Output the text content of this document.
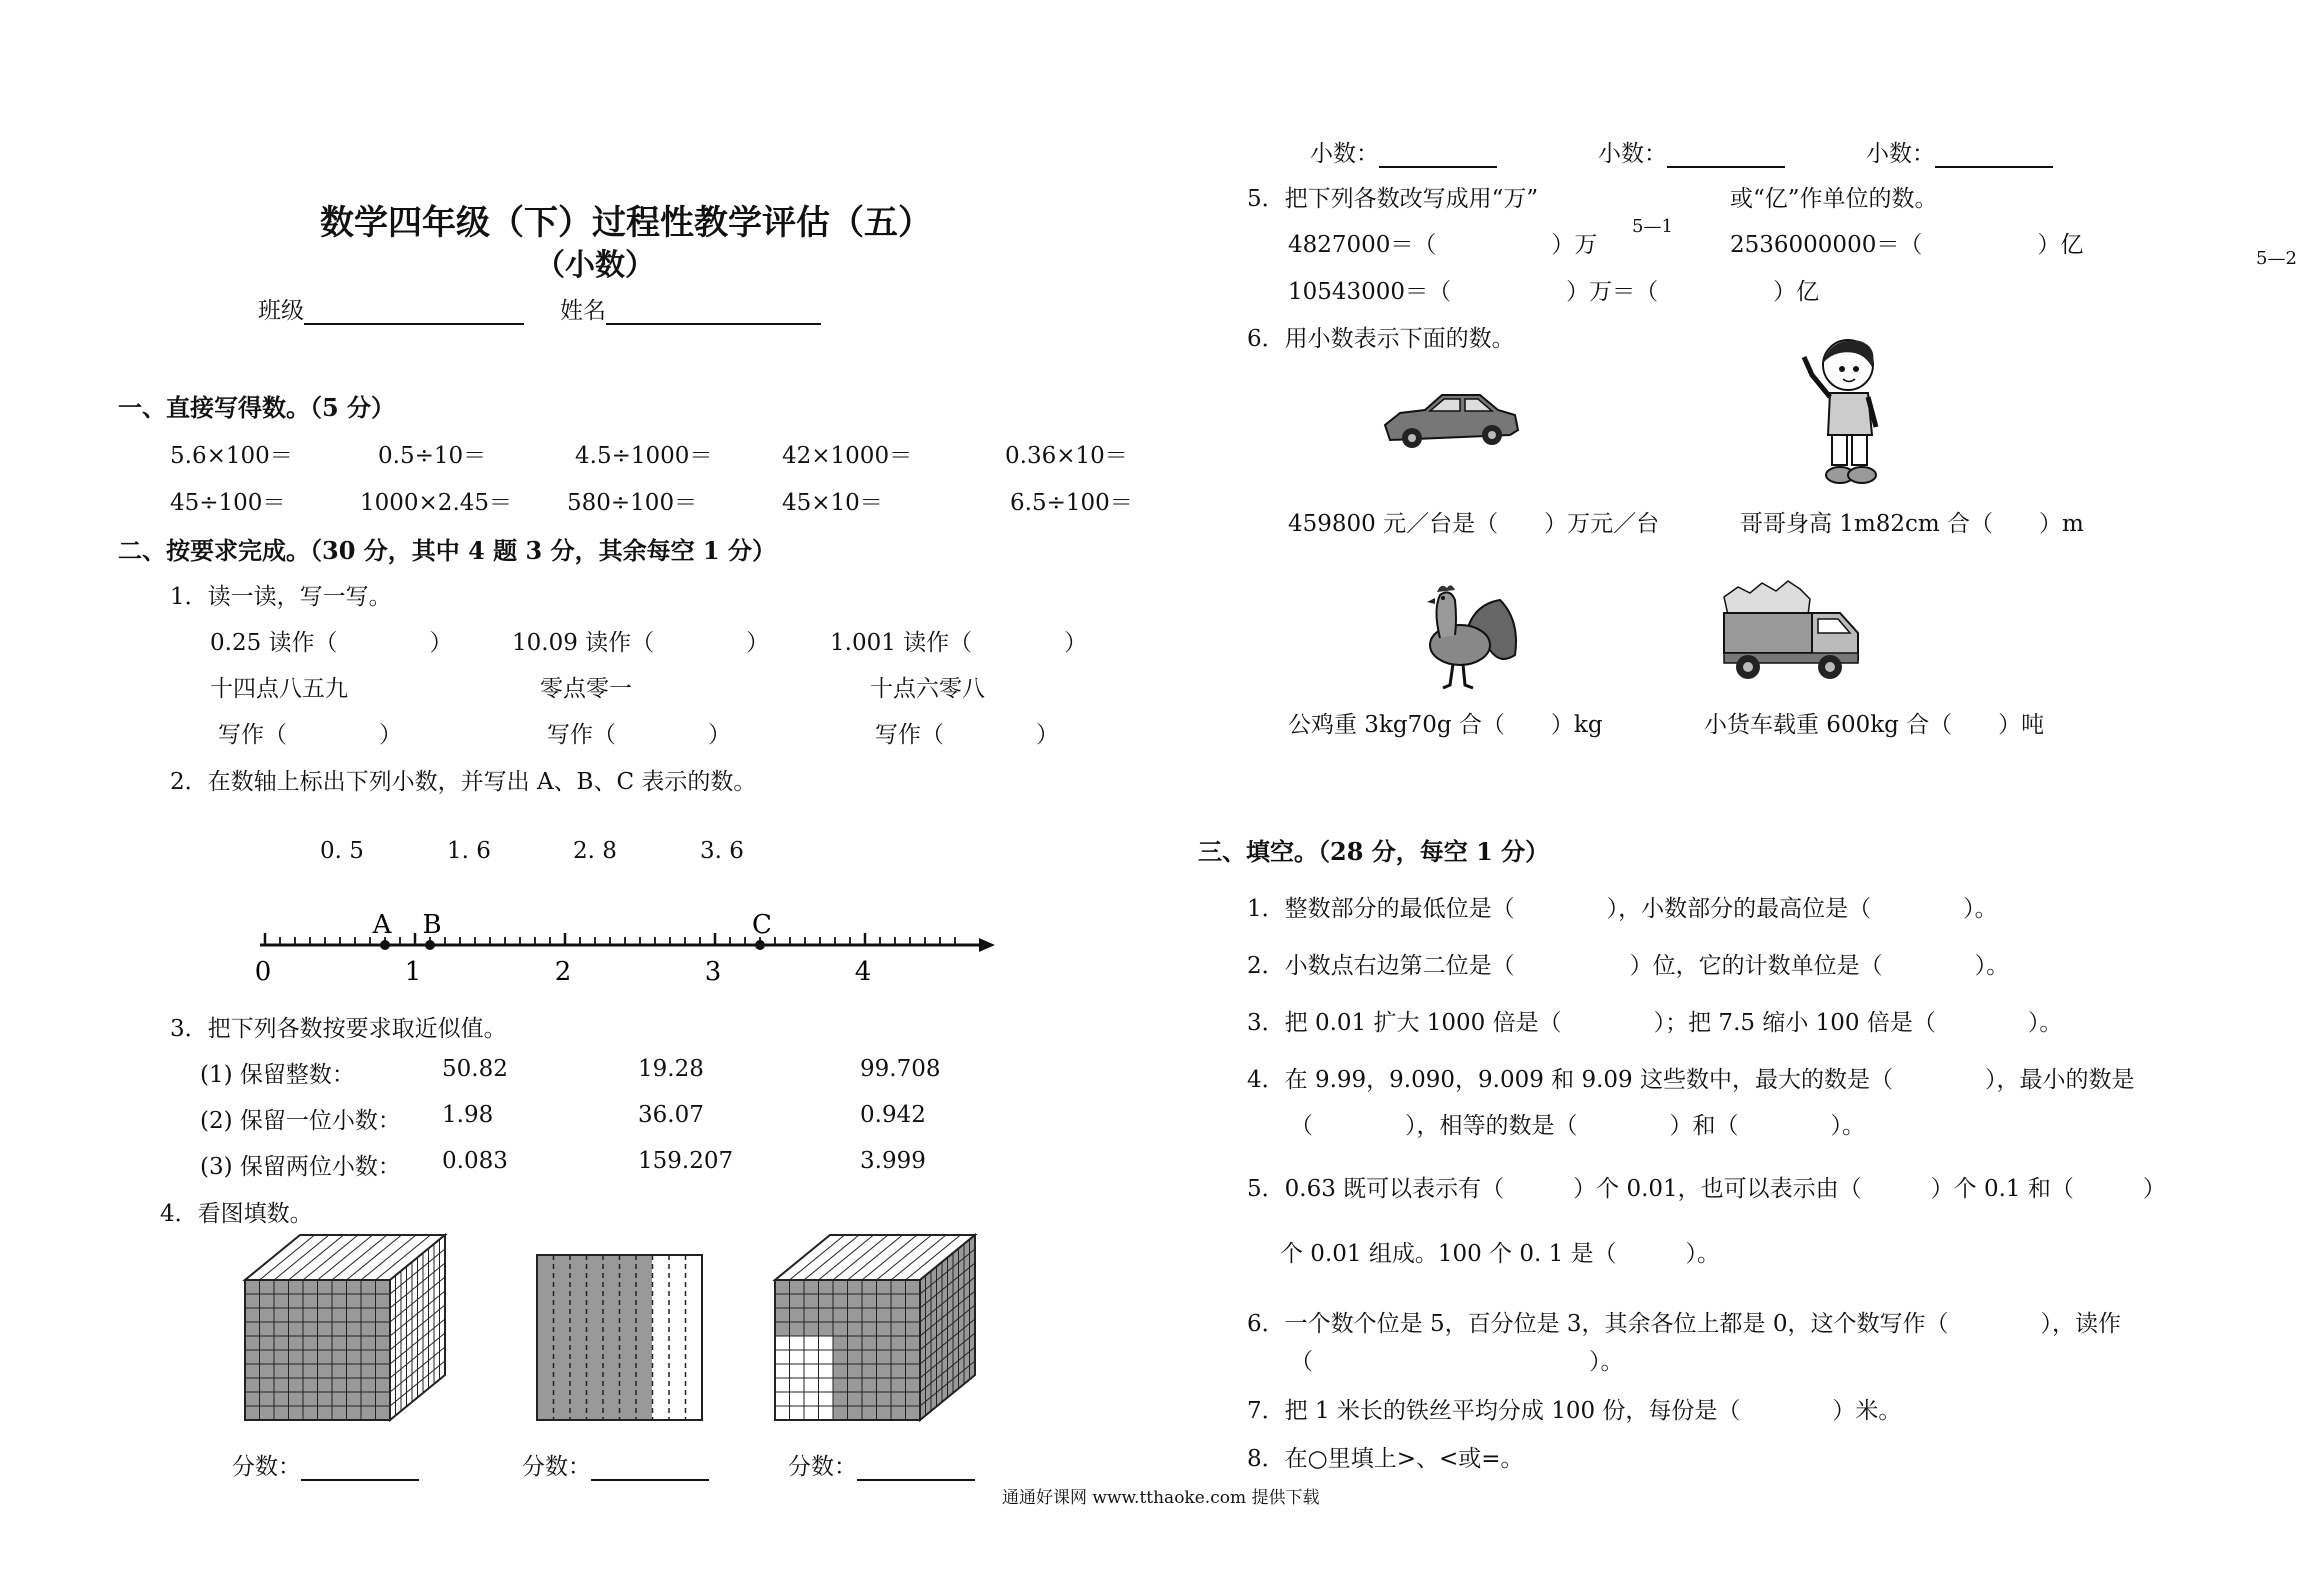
数学四年级（下）过程性教学评估（五）
（小数）
班级	姓名
一、直接写得数。（5 分）
5.6×100＝	0.5÷10＝	4.5÷1000＝	42×1000＝	0.36×10＝
45÷100＝	1000×2.45＝ 580÷100＝	45×10＝	6.5÷100＝
二、按要求完成。（30 分，其中 4 题 3 分，其余每空 1 分）
1．读一读，写一写。
0.25 读作（　　　　）	10.09 读作（　　　　）	1.001 读作（　　　　）
十四点八五九	零点零一	十点六零八
写作（　　　　）	写作（　　　　）	写作（　　　　）
2．在数轴上标出下列小数，并写出 A、B、C 表示的数。
0. 5	1. 6	2. 8	3. 6
0	1	2	3	4
A B	C
3．把下列各数按要求取近似值。
(1) 保留整数：	50.82	19.28	99.708
(2) 保留一位小数： 1.98	36.07	0.942
(3) 保留两位小数： 0.083	159.207	3.999
4．看图填数。
分数：	分数：	分数：
小数：	小数：	小数：
5．把下列各数改写成用“万”
5—1
或“亿”作单位的数。
5—2
4827000＝（　　　　　）万	2536000000＝（　　　　　）亿
10543000＝（　　　　　）万＝（　　　　　）亿
6．用小数表示下面的数。
459800 元／台是（　　）万元／台	哥哥身高 1m82cm 合（　　）m
公鸡重 3kg70g 合（　　）kg	小货车载重 600kg 合（　　）吨
三、填空。（28 分，每空 1 分）
1．整数部分的最低位是（　　　　），小数部分的最高位是（　　　　）。
2．小数点右边第二位是（　　　　　）位，它的计数单位是（　　　　）。
3．把 0.01 扩大 1000 倍是（　　　　）；把 7.5 缩小 100 倍是（　　　　）。
4．在 9.99，9.090，9.009 和 9.09 这些数中，最大的数是（　　　　），最小的数是
（　　　　），相等的数是（　　　　）和（　　　　）。
5．0.63 既可以表示有（　　　）个 0.01，也可以表示由（　　　）个 0.1 和（　　　）
个 0.01 组成。100 个 0. 1 是（　　　）。
6．一个数个位是 5，百分位是 3，其余各位上都是 0，这个数写作（　　　　），读作
（　　　　　　　　　　　　）。
7．把 1 米长的铁丝平均分成 100 份，每份是（　　　　）米。
8．在○里填上>、<或=。
通通好课网 www.tthaoke.com 提供下载
